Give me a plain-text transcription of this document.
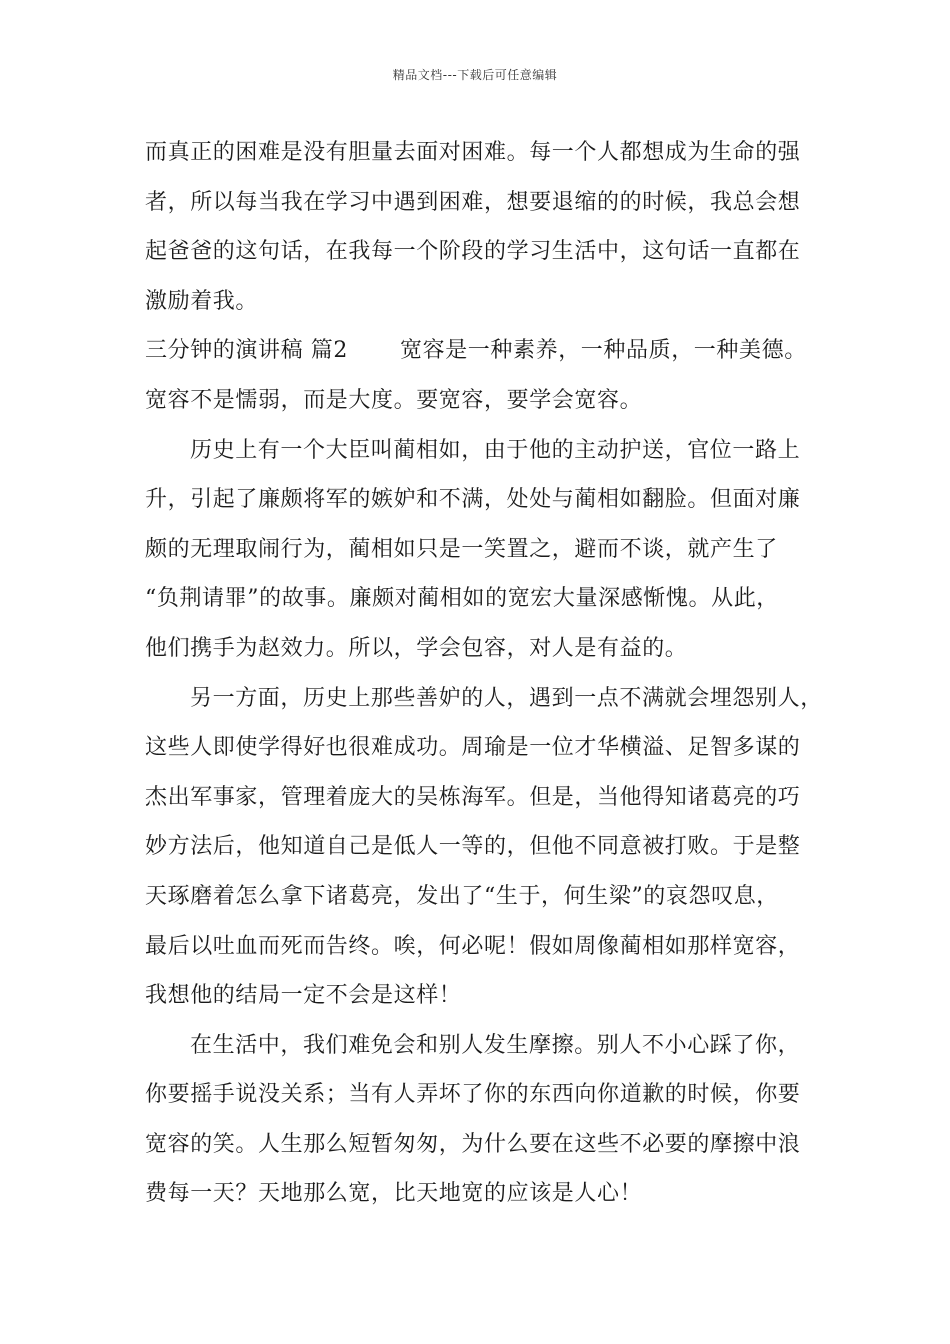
精品文档---下载后可任意编辑
而真正的困难是没有胆量去面对困难。每一个人都想成为生命的强
者，所以每当我在学习中遇到困难，想要退缩的的时候，我总会想
起爸爸的这句话，在我每一个阶段的学习生活中，这句话一直都在
激励着我。
三分钟的演讲稿 篇2 宽容是一种素养，一种品质，一种美德。
宽容不是懦弱，而是大度。要宽容，要学会宽容。
历史上有一个大臣叫蔺相如，由于他的主动护送，官位一路上
升，引起了廉颇将军的嫉妒和不满，处处与蔺相如翻脸。但面对廉
颇的无理取闹行为，蔺相如只是一笑置之，避而不谈，就产生了
“负荆请罪”的故事。廉颇对蔺相如的宽宏大量深感惭愧。从此，
他们携手为赵效力。所以，学会包容，对人是有益的。
另一方面，历史上那些善妒的人，遇到一点不满就会埋怨别人，
这些人即使学得好也很难成功。周瑜是一位才华横溢、足智多谋的
杰出军事家，管理着庞大的吴栋海军。但是，当他得知诸葛亮的巧
妙方法后，他知道自己是低人一等的，但他不同意被打败。于是整
天琢磨着怎么拿下诸葛亮，发出了“生于，何生梁”的哀怨叹息，
最后以吐血而死而告终。唉，何必呢！假如周像蔺相如那样宽容，
我想他的结局一定不会是这样！
在生活中，我们难免会和别人发生摩擦。别人不小心踩了你，
你要摇手说没关系；当有人弄坏了你的东西向你道歉的时候，你要
宽容的笑。人生那么短暂匆匆，为什么要在这些不必要的摩擦中浪
费每一天？天地那么宽，比天地宽的应该是人心！
